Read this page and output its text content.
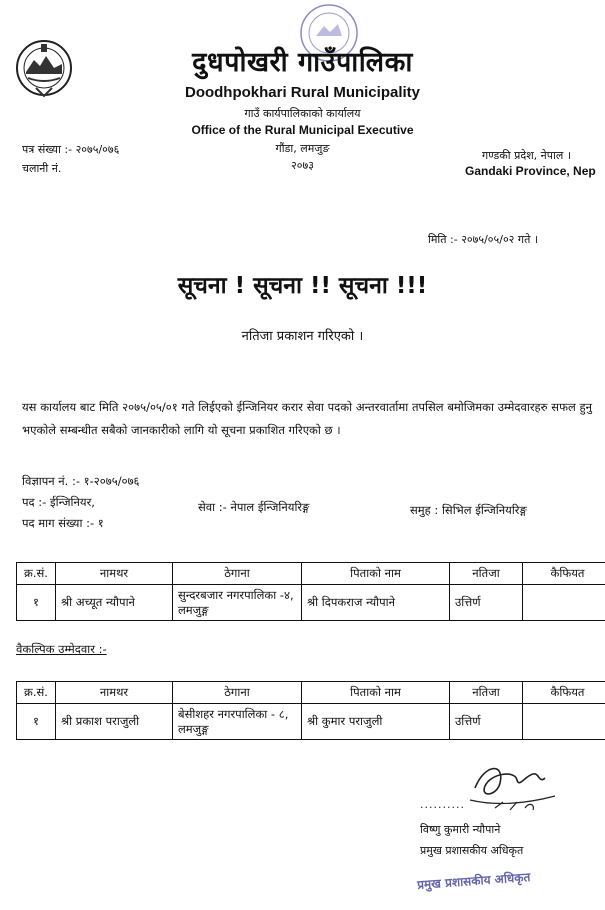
दुधपोखरी गाउँपालिका
Doodhpokhari Rural Municipality
गाउँ कार्यपालिकाको कार्यालय
Office of the Rural Municipal Executive
गौंडा, लमजुङ
२०७३
पत्र संख्या :- २०७५/०७६
चलानी नं.
गण्डकी प्रदेश, नेपाल ।
Gandaki Province, Nep
मिति :- २०७५/०५/०२ गते ।
सूचना ! सूचना !! सूचना !!!
नतिजा प्रकाशन गरिएको ।
यस कार्यालय बाट मिति २०७५/०५/०१ गते लिईएको ईन्जिनियर करार सेवा पदको अन्तरवार्तामा तपसिल बमोजिमका उम्मेदवारहरु सफल हुनु भएकोले सम्बन्धीत सबैको जानकारीको लागि यो सूचना प्रकाशित गरिएको छ ।
विज्ञापन नं. :- १-२०७५/०७६
पद :- ईन्जिनियर,	सेवा :- नेपाल ईन्जिनियरिङ्ग	समुह : सिभिल ईन्जिनियरिङ्ग
पद माग संख्या :- १
क्र.सं.	नामथर	ठेगाना	पिताको नाम	नतिजा	कैफियत
१	श्री अच्यूत न्यौपाने	सुन्दरबजार नगरपालिका -४, लमजुङ्ग	श्री दिपकराज न्यौपाने	उत्तिर्ण	
वैकल्पिक उम्मेदवार :-
क्र.सं.	नामथर	ठेगाना	पिताको नाम	नतिजा	कैफियत
१	श्री प्रकाश पराजुली	बेसीशहर नगरपालिका - ८, लमजुङ्ग	श्री कुमार पराजुली	उत्तिर्ण	
..........
विष्णु कुमारी न्यौपाने
प्रमुख प्रशासकीय अधिकृत
प्रमुख प्रशासकीय अधिकृत
